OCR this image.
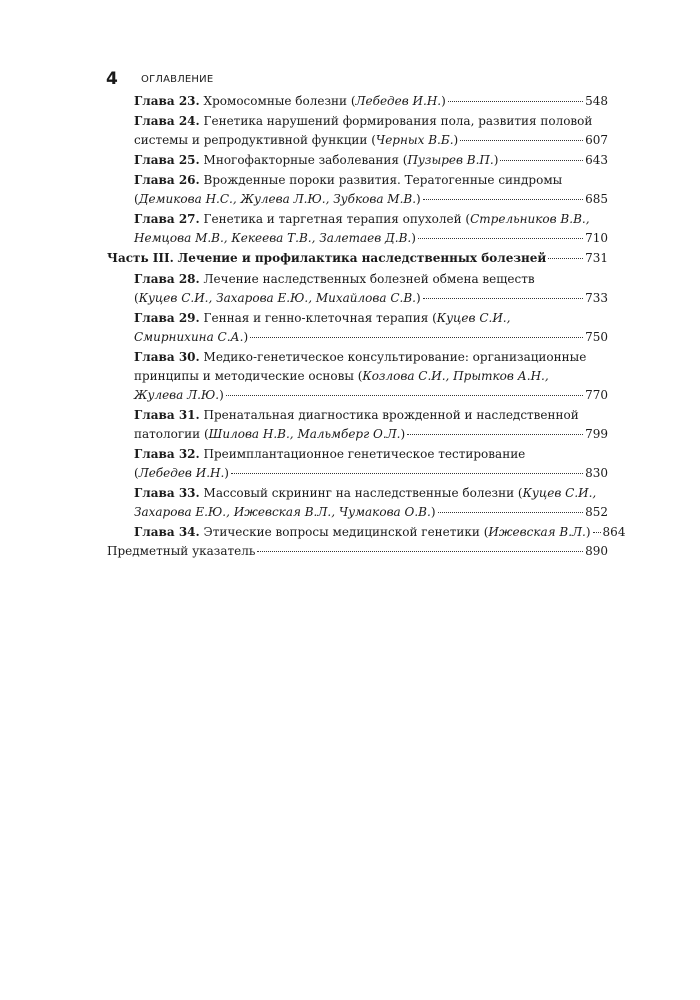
4 ОГЛАВЛЕНИЕ
Глава 23. Хромосомные болезни (Лебедев И.Н.)	548
Глава 24. Генетика нарушений формирования пола, развития половой
системы и репродуктивной функции (Черных В.Б.)	607
Глава 25. Многофакторные заболевания (Пузырев В.П.)	643
Глава 26. Врожденные пороки развития. Тератогенные синдромы
(Демикова Н.С., Жулева Л.Ю., Зубкова М.В.)	685
Глава 27. Генетика и таргетная терапия опухолей (Стрельников В.В.,
Немцова М.В., Кекеева Т.В., Залетаев Д.В.)	710
Часть III. Лечение и профилактика наследственных болезней	731
Глава 28. Лечение наследственных болезней обмена веществ
(Куцев С.И., Захарова Е.Ю., Михайлова С.В.)	733
Глава 29. Генная и генно-клеточная терапия (Куцев С.И.,
Смирнихина С.А.)	750
Глава 30. Медико-генетическое консультирование: организационные
принципы и методические основы (Козлова С.И., Прытков А.Н.,
Жулева Л.Ю.)	770
Глава 31. Пренатальная диагностика врожденной и наследственной
патологии (Шилова Н.В., Мальмберг О.Л.)	799
Глава 32. Преимплантационное генетическое тестирование
(Лебедев И.Н.)	830
Глава 33. Массовый скрининг на наследственные болезни (Куцев С.И.,
Захарова Е.Ю., Ижевская В.Л., Чумакова О.В.)	852
Глава 34. Этические вопросы медицинской генетики (Ижевская В.Л.) 864
Предметный указатель	890
